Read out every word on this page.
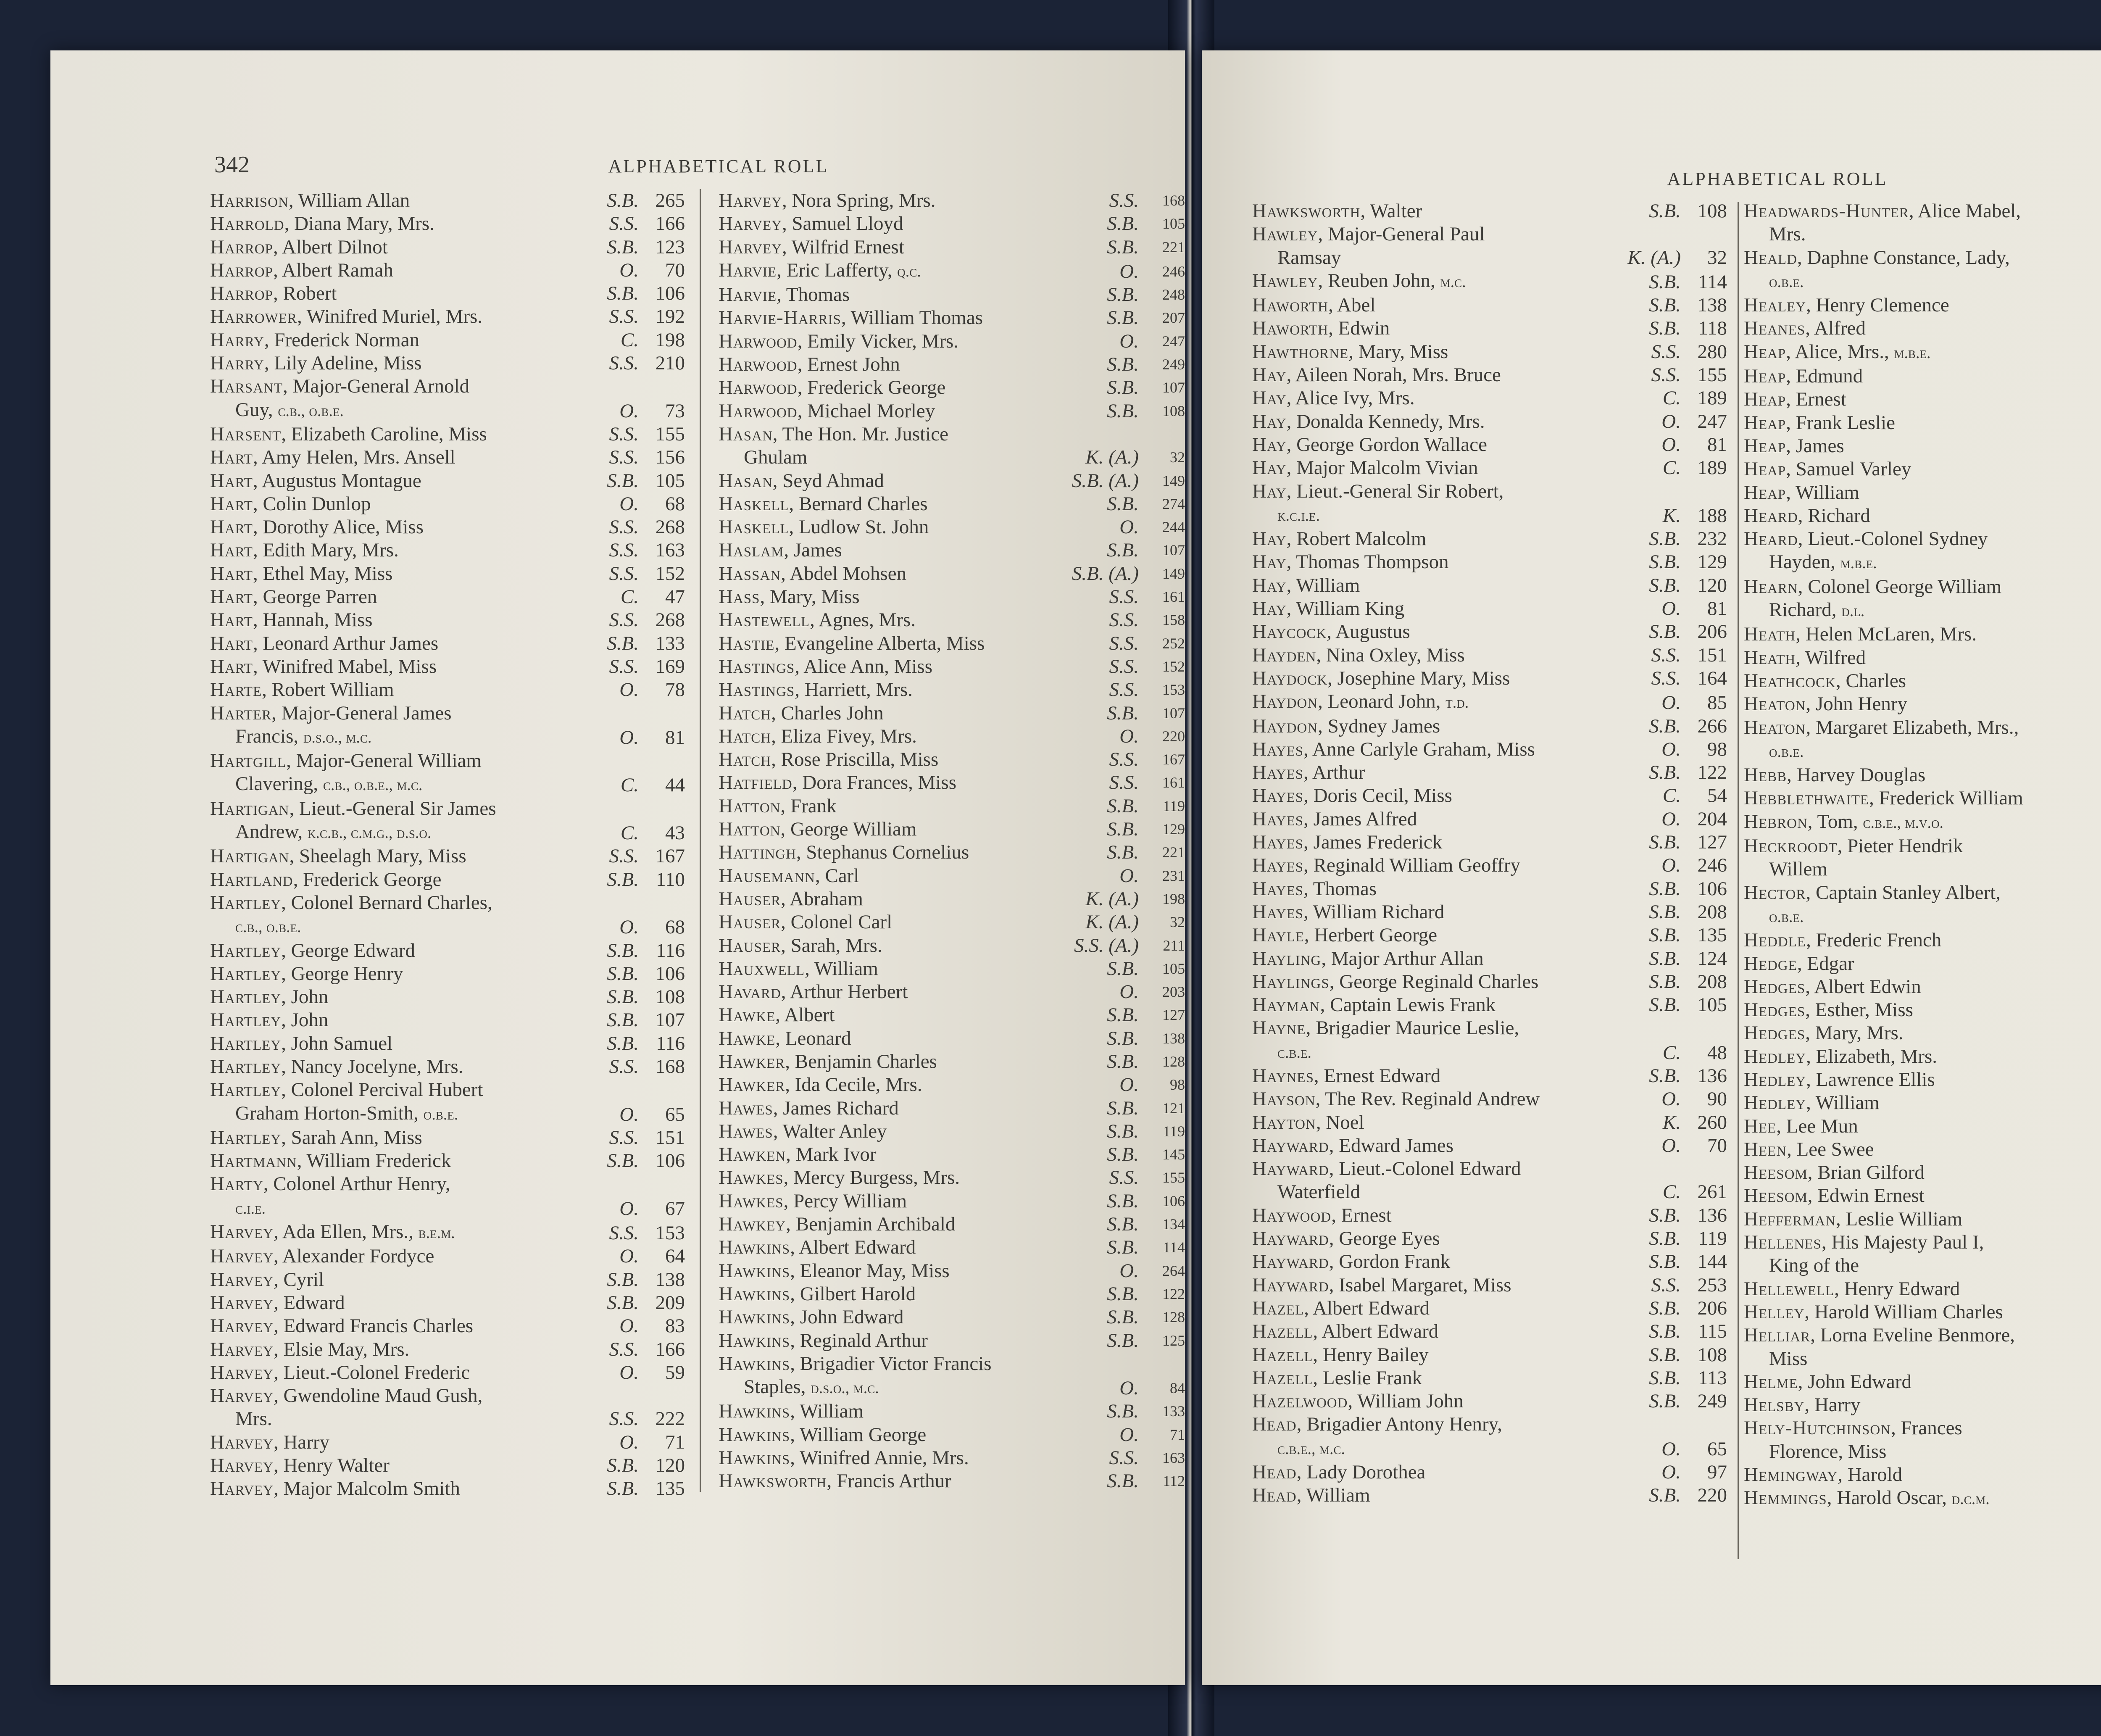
342	ALPHABETICAL ROLL
Harrison, William Allan	S.B. 265
Harrold, Diana Mary, Mrs.	S.S. 166
Harrop, Albert Dilnot	S.B. 123
Harrop, Albert Ramah	O.	70
Harrop, Robert	S.B. 106
Harrower, Winifred Muriel, Mrs.	S.S. 192
Harry, Frederick Norman	C. 198
Harry, Lily Adeline, Miss	S.S. 210
Harsant, Major-General Arnold
Guy, c.b., o.b.e.	O.	73
Harsent, Elizabeth Caroline, Miss	S.S. 155
Hart, Amy Helen, Mrs. Ansell	S.S. 156
Hart, Augustus Montague	S.B. 105
Hart, Colin Dunlop	O.	68
Hart, Dorothy Alice, Miss	S.S. 268
Hart, Edith Mary, Mrs.	S.S. 163
Hart, Ethel May, Miss	S.S. 152
Hart, George Parren	C.	47
Hart, Hannah, Miss	S.S. 268
Hart, Leonard Arthur James	S.B. 133
Hart, Winifred Mabel, Miss	S.S. 169
Harte, Robert William	O.	78
Harter, Major-General James
Francis, d.s.o., m.c.	O.	81
Hartgill, Major-General William
Clavering, c.b., o.b.e., m.c.	C.	44
Hartigan, Lieut.-General Sir James
Andrew, k.c.b., c.m.g., d.s.o.	C.	43
Hartigan, Sheelagh Mary, Miss	S.S. 167
Hartland, Frederick George	S.B. 110
Hartley, Colonel Bernard Charles,
c.b., o.b.e.	O.	68
Hartley, George Edward	S.B. 116
Hartley, George Henry	S.B. 106
Hartley, John	S.B. 108
Hartley, John	S.B. 107
Hartley, John Samuel	S.B. 116
Hartley, Nancy Jocelyne, Mrs.	S.S. 168
Hartley, Colonel Percival Hubert
Graham Horton-Smith, o.b.e.	O.	65
Hartley, Sarah Ann, Miss	S.S. 151
Hartmann, William Frederick	S.B. 106
Harty, Colonel Arthur Henry,
c.i.e.	O.	67
Harvey, Ada Ellen, Mrs., b.e.m.	S.S. 153
Harvey, Alexander Fordyce	O.	64
Harvey, Cyril	S.B. 138
Harvey, Edward	S.B. 209
Harvey, Edward Francis Charles	O.	83
Harvey, Elsie May, Mrs.	S.S. 166
Harvey, Lieut.-Colonel Frederic	O.	59
Harvey, Gwendoline Maud Gush,
Mrs.	S.S. 222
Harvey, Harry	O.	71
Harvey, Henry Walter	S.B. 120
Harvey, Major Malcolm Smith	S.B. 135
Harvey, Nora Spring, Mrs.	S.S.	168
Harvey, Samuel Lloyd	S.B.	105
Harvey, Wilfrid Ernest	S.B.	221
Harvie, Eric Lafferty, q.c.	O.	246
Harvie, Thomas	S.B.	248
Harvie-Harris, William Thomas	S.B.	207
Harwood, Emily Vicker, Mrs.	O.	247
Harwood, Ernest John	S.B.	249
Harwood, Frederick George	S.B.	107
Harwood, Michael Morley	S.B.	108
Hasan, The Hon. Mr. Justice
Ghulam	K. (A.)	32
Hasan, Seyd Ahmad	S.B. (A.)	149
Haskell, Bernard Charles	S.B.	274
Haskell, Ludlow St. John	O.	244
Haslam, James	S.B.	107
Hassan, Abdel Mohsen	S.B. (A.)	149
Hass, Mary, Miss	S.S.	161
Hastewell, Agnes, Mrs.	S.S.	158
Hastie, Evangeline Alberta, Miss	S.S.	252
Hastings, Alice Ann, Miss	S.S.	152
Hastings, Harriett, Mrs.	S.S.	153
Hatch, Charles John	S.B.	107
Hatch, Eliza Fivey, Mrs.	O.	220
Hatch, Rose Priscilla, Miss	S.S.	167
Hatfield, Dora Frances, Miss	S.S.	161
Hatton, Frank	S.B.	119
Hatton, George William	S.B.	129
Hattingh, Stephanus Cornelius	S.B.	221
Hausemann, Carl	O.	231
Hauser, Abraham	K. (A.)	198
Hauser, Colonel Carl	K. (A.)	32
Hauser, Sarah, Mrs.	S.S. (A.)	211
Hauxwell, William	S.B.	105
Havard, Arthur Herbert	O.	203
Hawke, Albert	S.B.	127
Hawke, Leonard	S.B.	138
Hawker, Benjamin Charles	S.B.	128
Hawker, Ida Cecile, Mrs.	O.	98
Hawes, James Richard	S.B.	121
Hawes, Walter Anley	S.B.	119
Hawken, Mark Ivor	S.B.	145
Hawkes, Mercy Burgess, Mrs.	S.S.	155
Hawkes, Percy William	S.B.	106
Hawkey, Benjamin Archibald	S.B.	134
Hawkins, Albert Edward	S.B.	114
Hawkins, Eleanor May, Miss	O.	264
Hawkins, Gilbert Harold	S.B.	122
Hawkins, John Edward	S.B.	128
Hawkins, Reginald Arthur	S.B.	125
Hawkins, Brigadier Victor Francis
Staples, d.s.o., m.c.	O.	84
Hawkins, William	S.B.	133
Hawkins, William George	O.	71
Hawkins, Winifred Annie, Mrs.	S.S.	163
Hawksworth, Francis Arthur	S.B.	112
ALPHABETICAL ROLL
Hawksworth, Walter	S.B. 108
Hawley, Major-General Paul
Ramsay	K. (A.)	32
Hawley, Reuben John, m.c.	S.B. 114
Haworth, Abel	S.B. 138
Haworth, Edwin	S.B. 118
Hawthorne, Mary, Miss	S.S. 280
Hay, Aileen Norah, Mrs. Bruce	S.S. 155
Hay, Alice Ivy, Mrs.	C. 189
Hay, Donalda Kennedy, Mrs.	O. 247
Hay, George Gordon Wallace	O.	81
Hay, Major Malcolm Vivian	C. 189
Hay, Lieut.-General Sir Robert,
k.c.i.e.	K. 188
Hay, Robert Malcolm	S.B. 232
Hay, Thomas Thompson	S.B. 129
Hay, William	S.B. 120
Hay, William King	O.	81
Haycock, Augustus	S.B. 206
Hayden, Nina Oxley, Miss	S.S. 151
Haydock, Josephine Mary, Miss	S.S. 164
Haydon, Leonard John, t.d.	O.	85
Haydon, Sydney James	S.B. 266
Hayes, Anne Carlyle Graham, Miss	O.	98
Hayes, Arthur	S.B. 122
Hayes, Doris Cecil, Miss	C.	54
Hayes, James Alfred	O. 204
Hayes, James Frederick	S.B. 127
Hayes, Reginald William Geoffry	O. 246
Hayes, Thomas	S.B. 106
Hayes, William Richard	S.B. 208
Hayle, Herbert George	S.B. 135
Hayling, Major Arthur Allan	S.B. 124
Haylings, George Reginald Charles	S.B. 208
Hayman, Captain Lewis Frank	S.B. 105
Hayne, Brigadier Maurice Leslie,
c.b.e.	C.	48
Haynes, Ernest Edward	S.B. 136
Hayson, The Rev. Reginald Andrew	O.	90
Hayton, Noel	K. 260
Hayward, Edward James	O.	70
Hayward, Lieut.-Colonel Edward
Waterfield	C. 261
Haywood, Ernest	S.B. 136
Hayward, George Eyes	S.B. 119
Hayward, Gordon Frank	S.B. 144
Hayward, Isabel Margaret, Miss	S.S. 253
Hazel, Albert Edward	S.B. 206
Hazell, Albert Edward	S.B. 115
Hazell, Henry Bailey	S.B. 108
Hazell, Leslie Frank	S.B. 113
Hazelwood, William John	S.B. 249
Head, Brigadier Antony Henry,
c.b.e., m.c.	O.	65
Head, Lady Dorothea	O.	97
Head, William	S.B. 220
Headwards-Hunter, Alice Mabel,
Mrs.
Heald, Daphne Constance, Lady,
o.b.e.
Healey, Henry Clemence
Heanes, Alfred
Heap, Alice, Mrs., m.b.e.
Heap, Edmund
Heap, Ernest
Heap, Frank Leslie
Heap, James
Heap, Samuel Varley
Heap, William
Heard, Richard
Heard, Lieut.-Colonel Sydney
Hayden, m.b.e.
Hearn, Colonel George William
Richard, d.l.
Heath, Helen McLaren, Mrs.
Heath, Wilfred
Heathcock, Charles
Heaton, John Henry
Heaton, Margaret Elizabeth, Mrs.,
o.b.e.
Hebb, Harvey Douglas
Hebblethwaite, Frederick William
Hebron, Tom, c.b.e., m.v.o.
Heckroodt, Pieter Hendrik
Willem
Hector, Captain Stanley Albert,
o.b.e.
Heddle, Frederic French
Hedge, Edgar
Hedges, Albert Edwin
Hedges, Esther, Miss
Hedges, Mary, Mrs.
Hedley, Elizabeth, Mrs.
Hedley, Lawrence Ellis
Hedley, William
Hee, Lee Mun
Heen, Lee Swee
Heesom, Brian Gilford
Heesom, Edwin Ernest
Hefferman, Leslie William
Hellenes, His Majesty Paul I,
King of the
Hellewell, Henry Edward
Helley, Harold William Charles
Helliar, Lorna Eveline Benmore,
Miss
Helme, John Edward
Helsby, Harry
Hely-Hutchinson, Frances
Florence, Miss
Hemingway, Harold
Hemmings, Harold Oscar, d.c.m.
